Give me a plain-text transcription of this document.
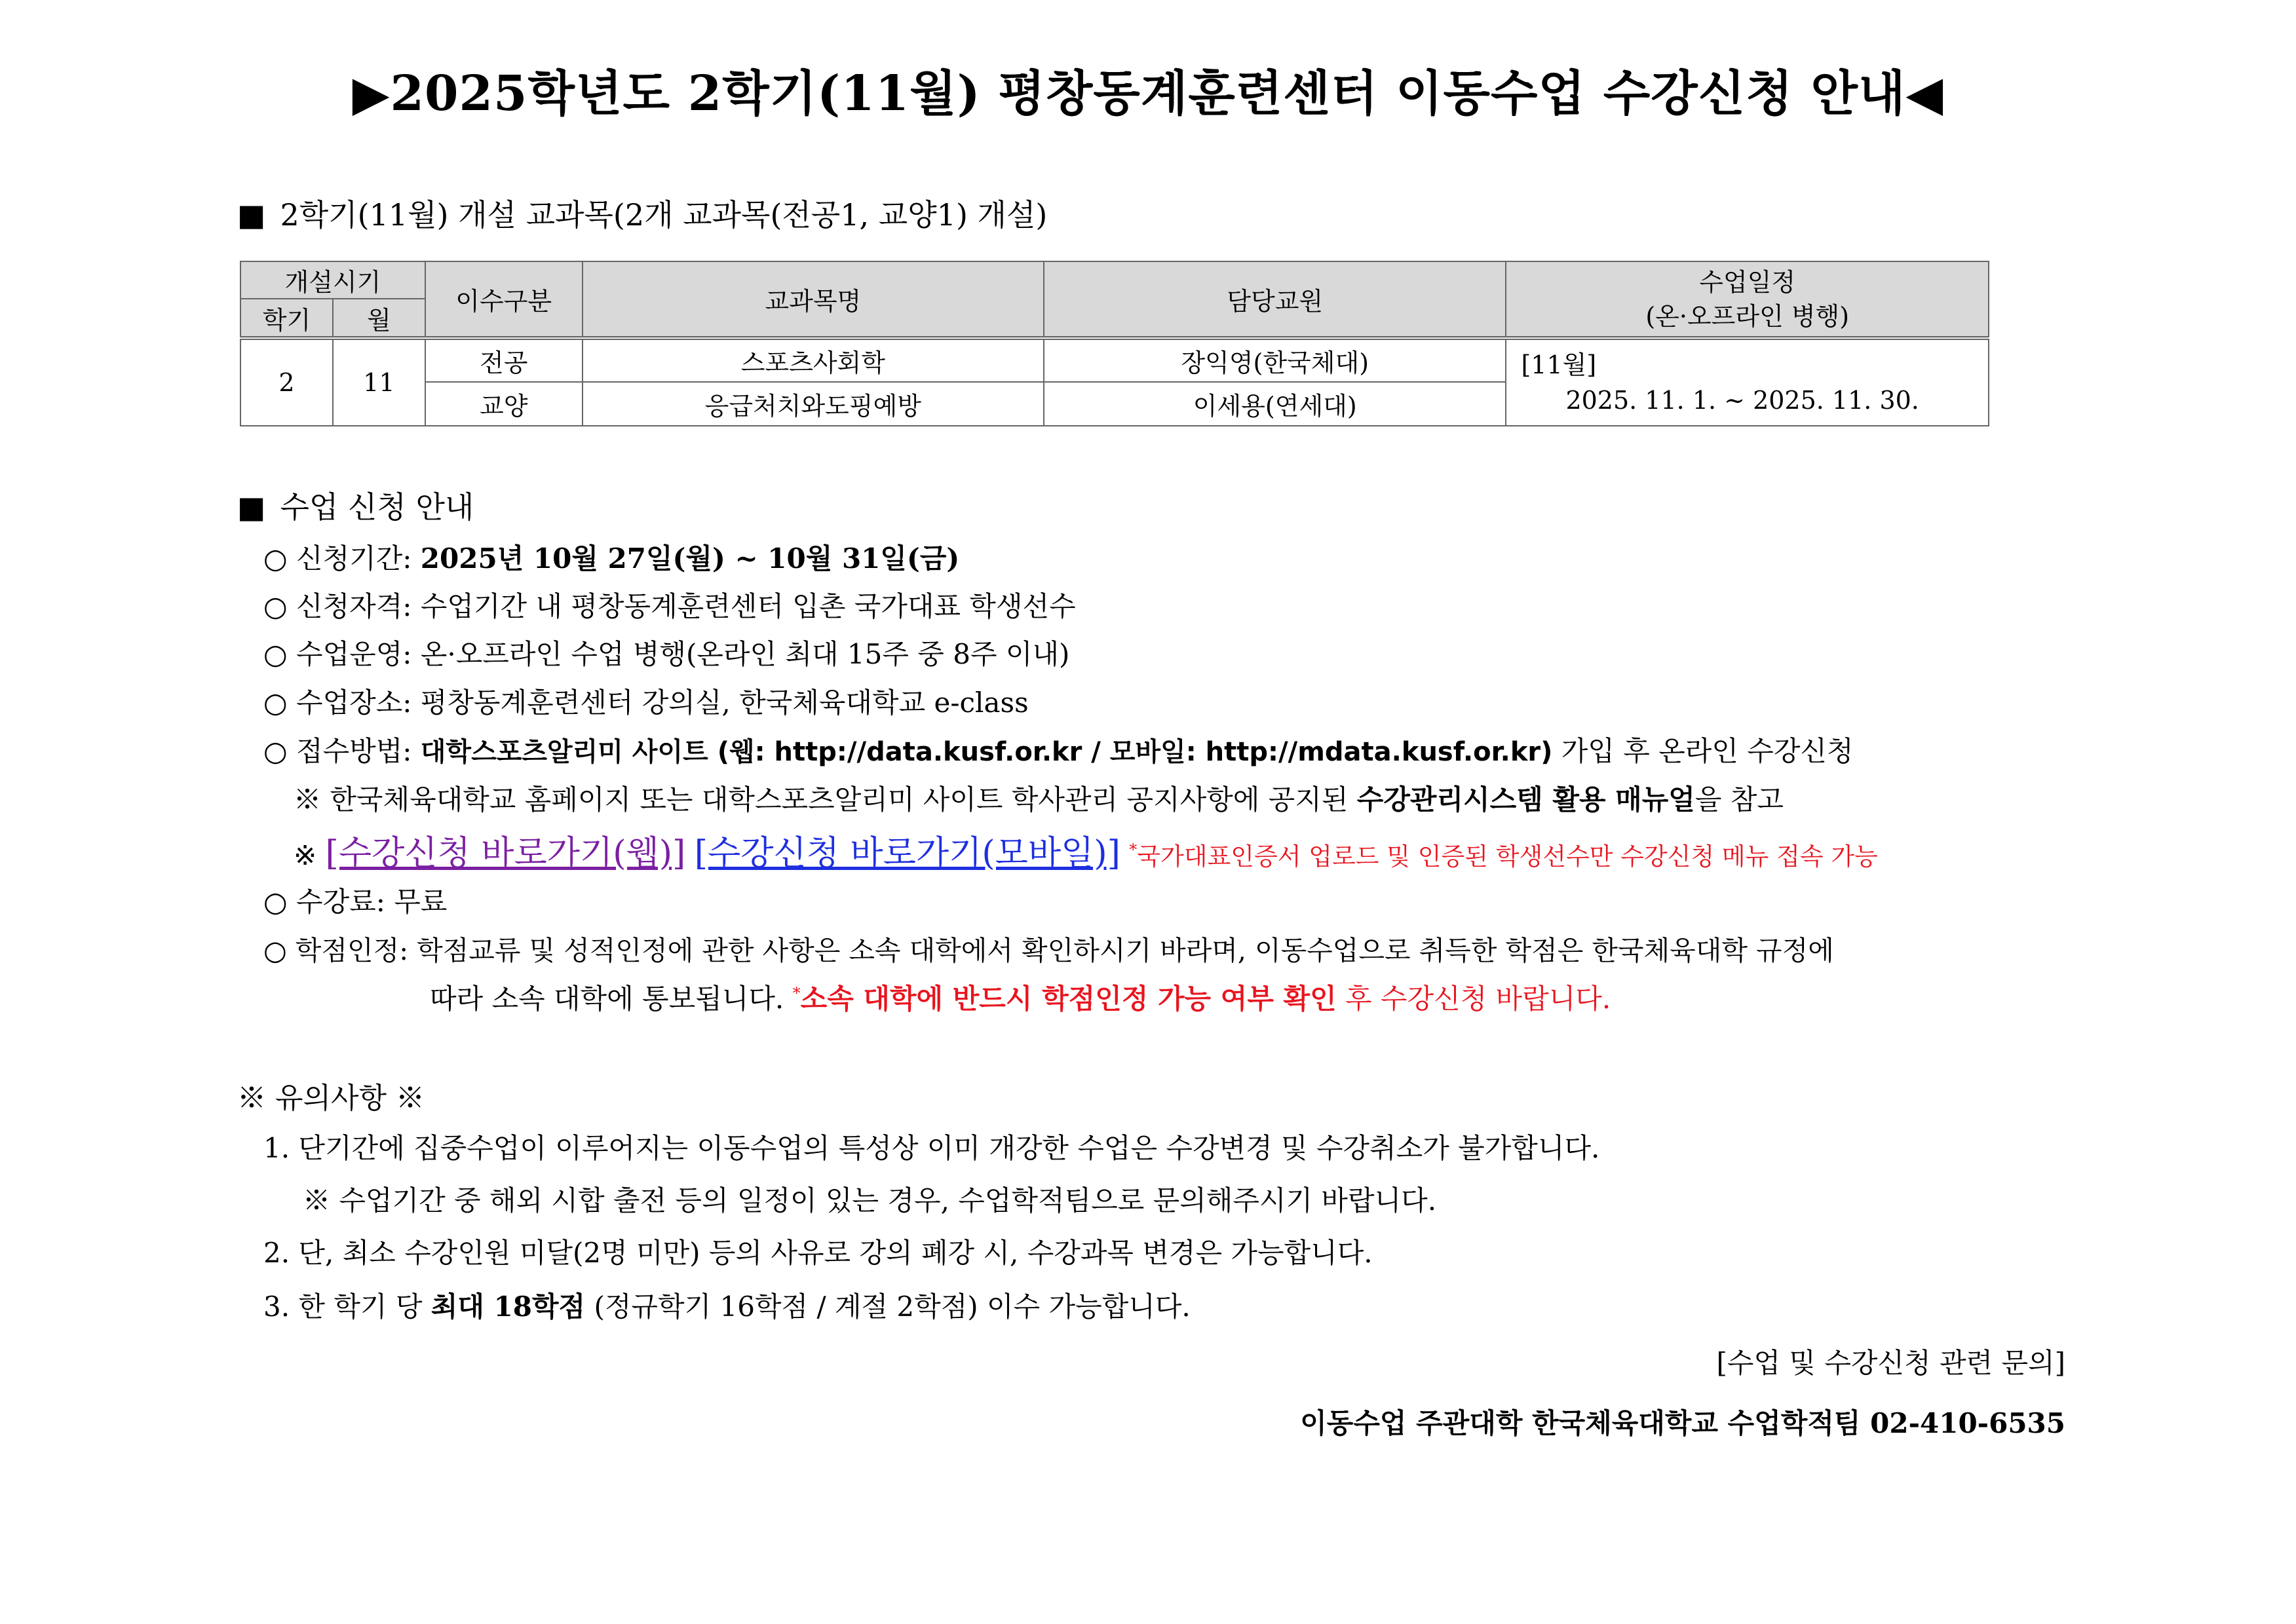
▶2025학년도 2학기(11월) 평창동계훈련센터 이동수업 수강신청 안내◀
■ 2학기(11월) 개설 교과목(2개 교과목(전공1, 교양1) 개설)
개설시기		이수구분	교과목명	담당교원	수업일정
(온·오프라인 병행)
학기	월				
2	11	전공	스포츠사회학	장익영(한국체대)	[11월]
2025. 11. 1. ~ 2025. 11. 30.

		교양	응급처치와도핑예방	이세용(연세대)	
■ 수업 신청 안내
○ 신청기간: 2025년 10월 27일(월) ~ 10월 31일(금)
○ 신청자격: 수업기간 내 평창동계훈련센터 입촌 국가대표 학생선수
○ 수업운영: 온·오프라인 수업 병행(온라인 최대 15주 중 8주 이내)
○ 수업장소: 평창동계훈련센터 강의실, 한국체육대학교 e-class
○ 접수방법: 대학스포츠알리미 사이트 (웹: http://data.kusf.or.kr / 모바일: http://mdata.kusf.or.kr) 가입 후 온라인 수강신청
※ 한국체육대학교 홈페이지 또는 대학스포츠알리미 사이트 학사관리 공지사항에 공지된 수강관리시스템 활용 매뉴얼을 참고
※ [수강신청 바로가기(웹)] [수강신청 바로가기(모바일)] *국가대표인증서 업로드 및 인증된 학생선수만 수강신청 메뉴 접속 가능
○ 수강료: 무료
○ 학점인정: 학점교류 및 성적인정에 관한 사항은 소속 대학에서 확인하시기 바라며, 이동수업으로 취득한 학점은 한국체육대학 규정에
따라 소속 대학에 통보됩니다. *소속 대학에 반드시 학점인정 가능 여부 확인 후 수강신청 바랍니다.
※ 유의사항 ※
1. 단기간에 집중수업이 이루어지는 이동수업의 특성상 이미 개강한 수업은 수강변경 및 수강취소가 불가합니다.
※ 수업기간 중 해외 시합 출전 등의 일정이 있는 경우, 수업학적팀으로 문의해주시기 바랍니다.
2. 단, 최소 수강인원 미달(2명 미만) 등의 사유로 강의 폐강 시, 수강과목 변경은 가능합니다.
3. 한 학기 당 최대 18학점 (정규학기 16학점 / 계절 2학점) 이수 가능합니다.
[수업 및 수강신청 관련 문의]
이동수업 주관대학 한국체육대학교 수업학적팀 02-410-6535
